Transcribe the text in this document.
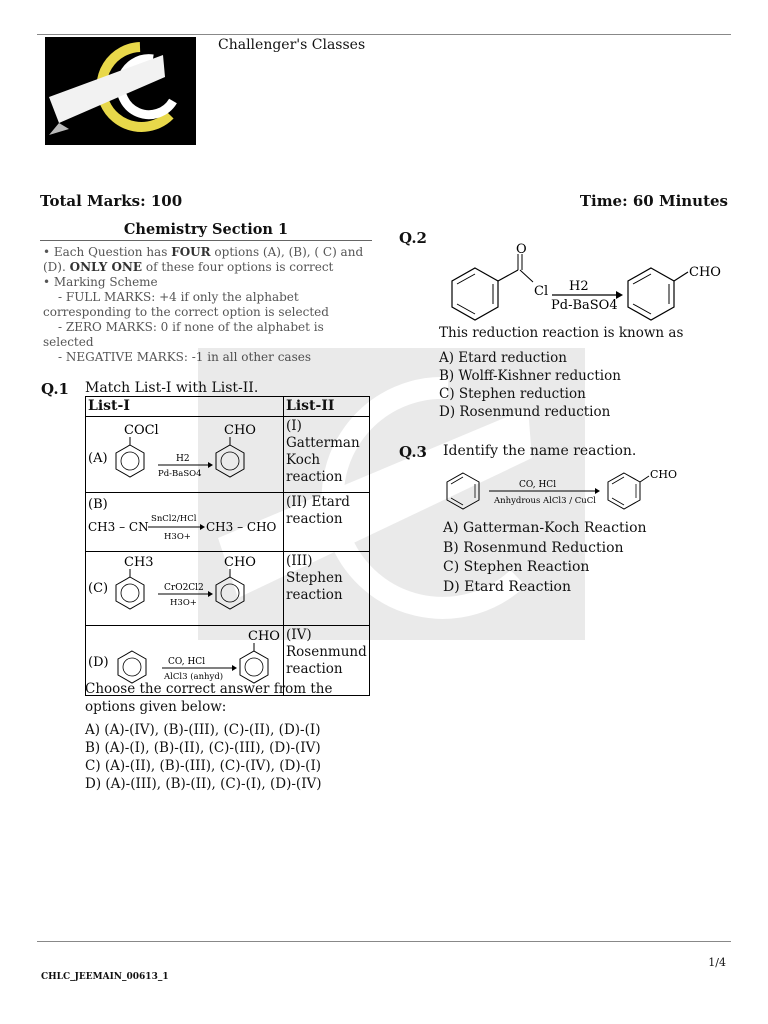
Challenger's Classes
Total Marks: 100	Time: 60 Minutes
Chemistry Section 1
• Each Question has FOUR options (A), (B), ( C) and
(D). ONLY ONE of these four options is correct
• Marking Scheme
- FULL MARKS: +4 if only the alphabet
corresponding to the correct option is selected
- ZERO MARKS: 0 if none of the alphabet is
selected
- NEGATIVE MARKS: -1 in all other cases
Q.1 Match List-I with List-II.
List-I	List-II

(A)
COCl
H2
Pd-BaSO4
CHO	(I) Gatterman Koch reaction

(B)
CH3 – CN
SnCl2/HCl
H3O+
CH3 – CHO	(II) Etard reaction

(C)
CH3
CrO2Cl2
H3O+
CHO	(III) Stephen reaction

(D) CO, HCl
AlCl3 (anhyd)
CHO	(IV) Rosenmund reaction
Choose the correct answer from the
options given below:
A) (A)-(IV), (B)-(III), (C)-(II), (D)-(I)
B) (A)-(I), (B)-(II), (C)-(III), (D)-(IV)
C) (A)-(II), (B)-(III), (C)-(IV), (D)-(I)
D) (A)-(III), (B)-(II), (C)-(I), (D)-(IV)
Q.2
O
Cl H2
Pd-BaSO4
CHO
This reduction reaction is known as
A) Etard reduction
B) Wolff-Kishner reduction
C) Stephen reduction
D) Rosenmund reduction
Q.3 Identify the name reaction.
CO, HCl
Anhydrous AlCl3 / CuCl
CHO
A) Gatterman-Koch Reaction
B) Rosenmund Reduction
C) Stephen Reaction
D) Etard Reaction
1/4
CHLC_JEEMAIN_00613_1
